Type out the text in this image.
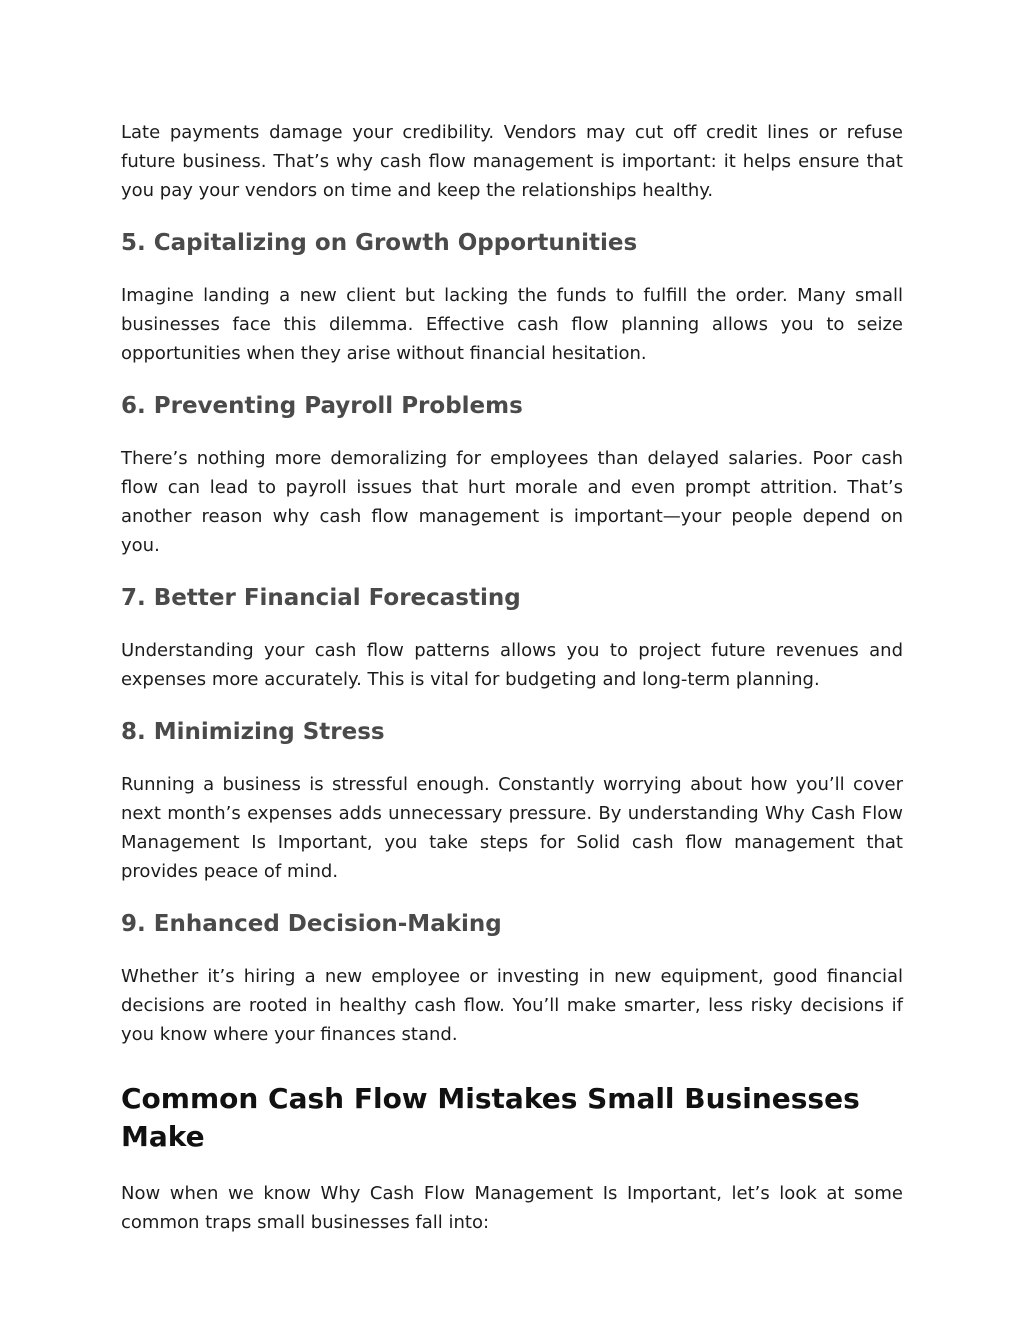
Late payments damage your credibility. Vendors may cut off credit lines or refuse future business. That’s why cash flow management is important: it helps ensure that you pay your vendors on time and keep the relationships healthy.

5. Capitalizing on Growth Opportunities

Imagine landing a new client but lacking the funds to fulfill the order. Many small businesses face this dilemma. Effective cash flow planning allows you to seize opportunities when they arise without financial hesitation.

6. Preventing Payroll Problems

There’s nothing more demoralizing for employees than delayed salaries. Poor cash flow can lead to payroll issues that hurt morale and even prompt attrition. That’s another reason why cash flow management is important—your people depend on you.

7. Better Financial Forecasting

Understanding your cash flow patterns allows you to project future revenues and expenses more accurately. This is vital for budgeting and long-term planning.

8. Minimizing Stress

Running a business is stressful enough. Constantly worrying about how you’ll cover next month’s expenses adds unnecessary pressure. By understanding Why Cash Flow Management Is Important, you take steps for Solid cash flow management that provides peace of mind.

9. Enhanced Decision-Making

Whether it’s hiring a new employee or investing in new equipment, good financial decisions are rooted in healthy cash flow. You’ll make smarter, less risky decisions if you know where your finances stand.

Common Cash Flow Mistakes Small Businesses Make

Now when we know Why Cash Flow Management Is Important, let’s look at some common traps small businesses fall into:
